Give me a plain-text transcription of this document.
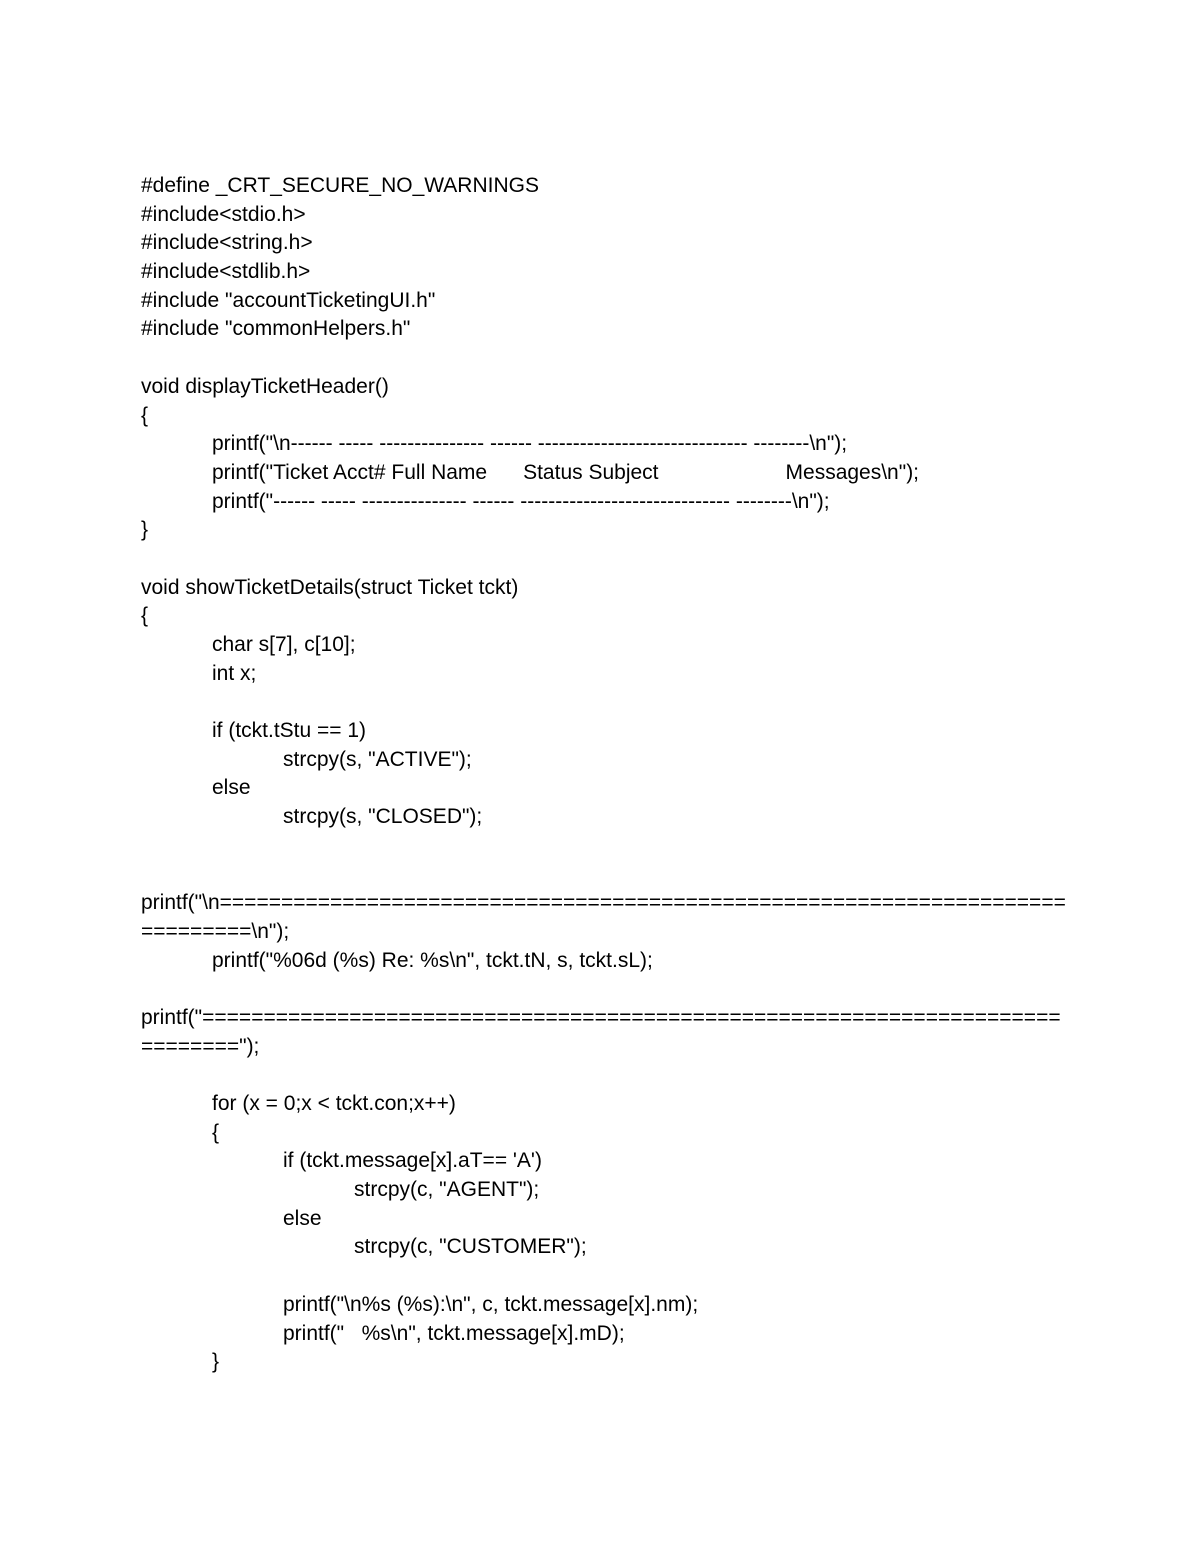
#define _CRT_SECURE_NO_WARNINGS
#include<stdio.h>
#include<string.h>
#include<stdlib.h>
#include "accountTicketingUI.h"
#include "commonHelpers.h"
void displayTicketHeader()
{
printf("\n------ ----- --------------- ------ ------------------------------ --------\n");
printf("Ticket Acct# Full Name Status Subject	Messages\n");
printf("------ ----- --------------- ------ ------------------------------ --------\n");
}
void showTicketDetails(struct Ticket tckt)
{
char s[7], c[10];
int x;
if (tckt.tStu == 1)
strcpy(s, "ACTIVE");
else
strcpy(s, "CLOSED");
printf("\n=====================================================================
=========\n");
printf("%06d (%s) Re: %s\n", tckt.tN, s, tckt.sL);
printf("======================================================================
========");
for (x = 0;x < tckt.con;x++)
{
if (tckt.message[x].aT== 'A')
strcpy(c, "AGENT");
else
strcpy(c, "CUSTOMER");
printf("\n%s (%s):\n", c, tckt.message[x].nm);
printf("   %s\n", tckt.message[x].mD);
}
